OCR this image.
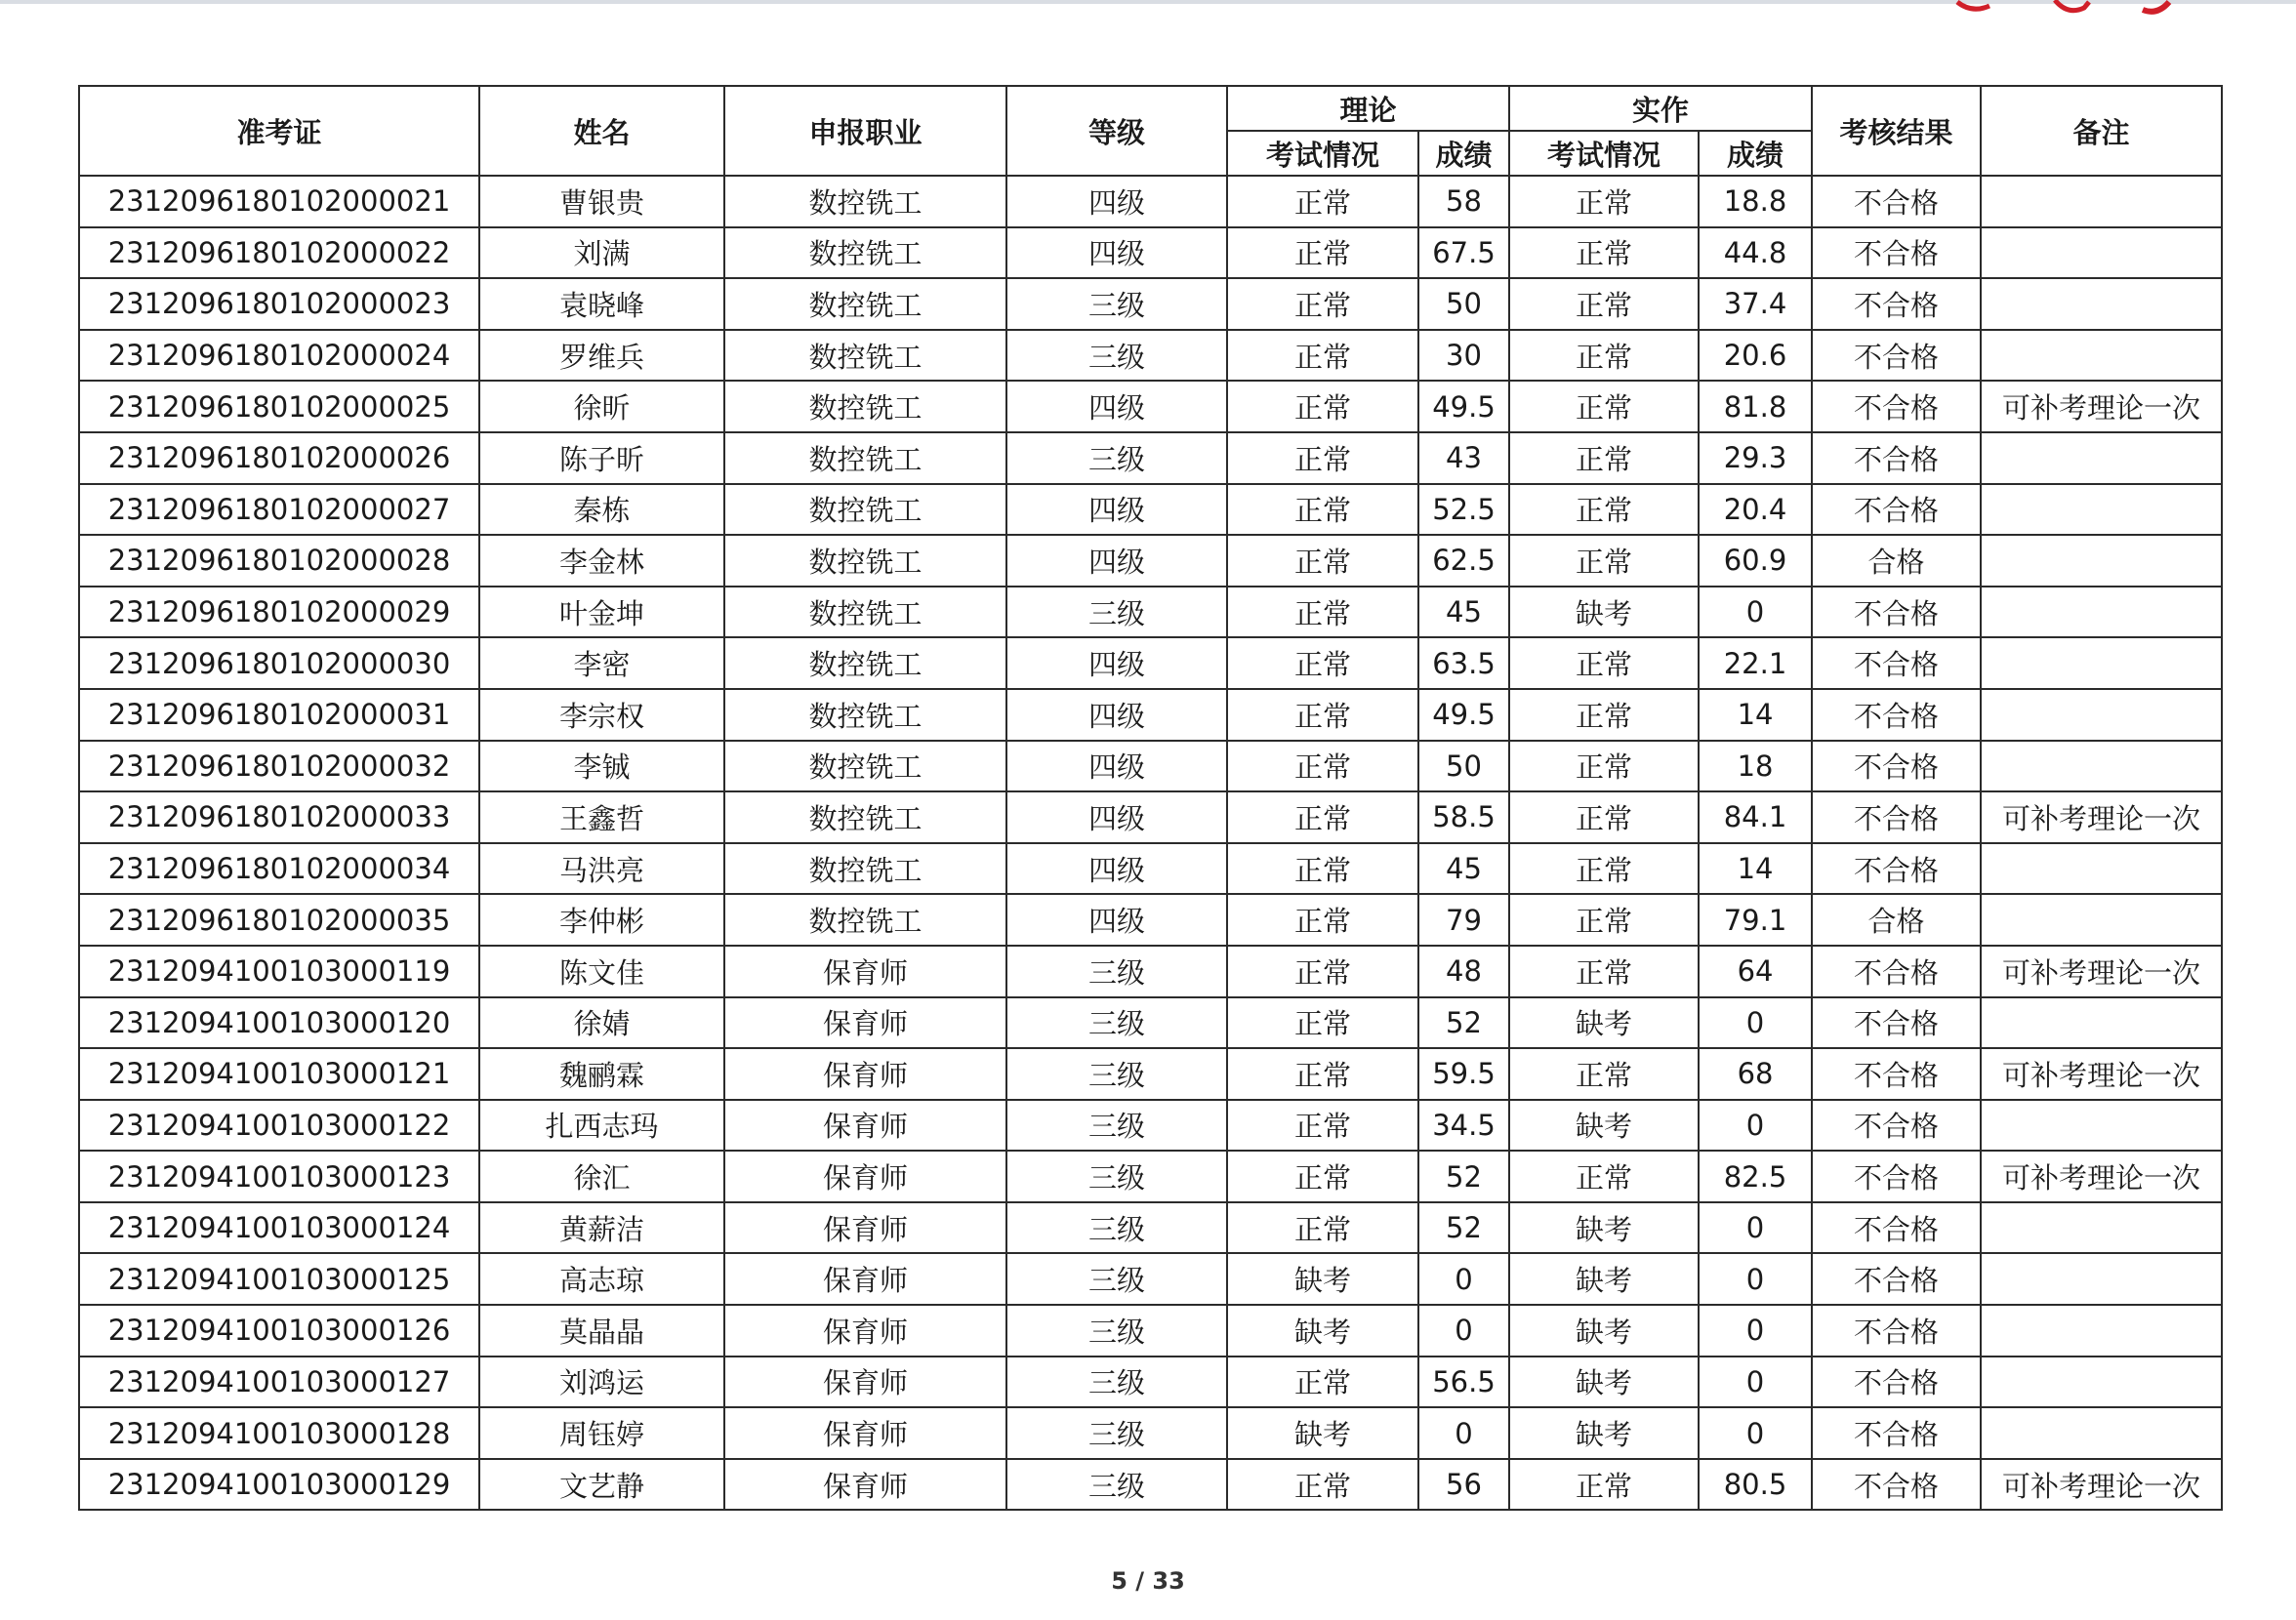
准考证	姓名	申报职业	等级	理论		实作		考核结果	备注
				考试情况	成绩	考试情况	成绩		
2312096180102000021	曹银贵	数控铣工	四级	正常	58	正常	18.8	不合格	
2312096180102000022	刘满	数控铣工	四级	正常	67.5	正常	44.8	不合格	
2312096180102000023	袁晓峰	数控铣工	三级	正常	50	正常	37.4	不合格	
2312096180102000024	罗维兵	数控铣工	三级	正常	30	正常	20.6	不合格	
2312096180102000025	徐昕	数控铣工	四级	正常	49.5	正常	81.8	不合格	可补考理论一次
2312096180102000026	陈子昕	数控铣工	三级	正常	43	正常	29.3	不合格	
2312096180102000027	秦栋	数控铣工	四级	正常	52.5	正常	20.4	不合格	
2312096180102000028	李金林	数控铣工	四级	正常	62.5	正常	60.9	合格	
2312096180102000029	叶金坤	数控铣工	三级	正常	45	缺考	0	不合格	
2312096180102000030	李密	数控铣工	四级	正常	63.5	正常	22.1	不合格	
2312096180102000031	李宗权	数控铣工	四级	正常	49.5	正常	14	不合格	
2312096180102000032	李铖	数控铣工	四级	正常	50	正常	18	不合格	
2312096180102000033	王鑫哲	数控铣工	四级	正常	58.5	正常	84.1	不合格	可补考理论一次
2312096180102000034	马洪亮	数控铣工	四级	正常	45	正常	14	不合格	
2312096180102000035	李仲彬	数控铣工	四级	正常	79	正常	79.1	合格	
2312094100103000119	陈文佳	保育师	三级	正常	48	正常	64	不合格	可补考理论一次
2312094100103000120	徐婧	保育师	三级	正常	52	缺考	0	不合格	
2312094100103000121	魏鹂霖	保育师	三级	正常	59.5	正常	68	不合格	可补考理论一次
2312094100103000122	扎西志玛	保育师	三级	正常	34.5	缺考	0	不合格	
2312094100103000123	徐汇	保育师	三级	正常	52	正常	82.5	不合格	可补考理论一次
2312094100103000124	黄薪洁	保育师	三级	正常	52	缺考	0	不合格	
2312094100103000125	高志琼	保育师	三级	缺考	0	缺考	0	不合格	
2312094100103000126	莫晶晶	保育师	三级	缺考	0	缺考	0	不合格	
2312094100103000127	刘鸿运	保育师	三级	正常	56.5	缺考	0	不合格	
2312094100103000128	周钰婷	保育师	三级	缺考	0	缺考	0	不合格	
2312094100103000129	文艺静	保育师	三级	正常	56	正常	80.5	不合格	可补考理论一次
5 / 33
